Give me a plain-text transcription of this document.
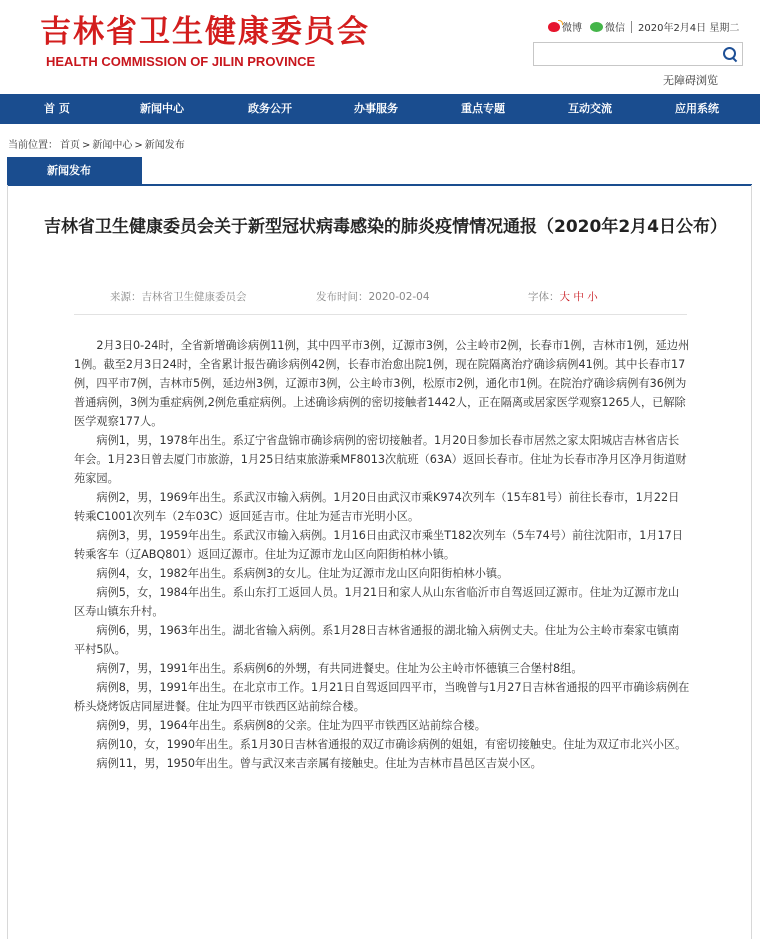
吉林省卫生健康委员会
HEALTH COMMISSION OF JILIN PROVINCE
微博 微信 2020年2月4日 星期二
无障碍浏览
首 页	新闻中心	政务公开	办事服务	重点专题	互动交流	应用系统
当前位置： 首页 > 新闻中心 > 新闻发布
新闻发布
吉林省卫生健康委员会关于新型冠状病毒感染的肺炎疫情情况通报（2020年2月4日公布）
来源：吉林省卫生健康委员会	发布时间：2020-02-04	字体：大 中 小

2月3日0-24时，全省新增确诊病例11例，其中四平市3例，辽源市3例，公主岭市2例，长春市1例，吉林市1例，延边州1例。截至2月3日24时，全省累计报告确诊病例42例，长春市治愈出院1例，现在院隔离治疗确诊病例41例。其中长春市17例，四平市7例，吉林市5例，延边州3例，辽源市3例，公主岭市3例，松原市2例，通化市1例。在院治疗确诊病例有36例为普通病例，3例为重症病例,2例危重症病例。上述确诊病例的密切接触者1442人，正在隔离或居家医学观察1265人，已解除医学观察177人。

病例1，男，1978年出生。系辽宁省盘锦市确诊病例的密切接触者。1月20日参加长春市居然之家太阳城店吉林省店长年会。1月23日曾去厦门市旅游，1月25日结束旅游乘MF8013次航班（63A）返回长春市。住址为长春市净月区净月街道财苑家园。

病例2，男，1969年出生。系武汉市输入病例。1月20日由武汉市乘K974次列车（15车81号）前往长春市，1月22日转乘C1001次列车（2车03C）返回延吉市。住址为延吉市光明小区。

病例3，男，1959年出生。系武汉市输入病例。1月16日由武汉市乘坐T182次列车（5车74号）前往沈阳市，1月17日转乘客车（辽ABQ801）返回辽源市。住址为辽源市龙山区向阳街柏林小镇。

病例4，女，1982年出生。系病例3的女儿。住址为辽源市龙山区向阳街柏林小镇。

病例5，女，1984年出生。系山东打工返回人员。1月21日和家人从山东省临沂市自驾返回辽源市。住址为辽源市龙山区寿山镇东升村。

病例6，男，1963年出生。湖北省输入病例。系1月28日吉林省通报的湖北输入病例丈夫。住址为公主岭市秦家屯镇南平村5队。

病例7，男，1991年出生。系病例6的外甥，有共同进餐史。住址为公主岭市怀德镇三合堡村8组。

病例8，男，1991年出生。在北京市工作。1月21日自驾返回四平市，当晚曾与1月27日吉林省通报的四平市确诊病例在桥头烧烤饭店同屋进餐。住址为四平市铁西区站前综合楼。

病例9，男，1964年出生。系病例8的父亲。住址为四平市铁西区站前综合楼。

病例10，女，1990年出生。系1月30日吉林省通报的双辽市确诊病例的姐姐，有密切接触史。住址为双辽市北兴小区。

病例11，男，1950年出生。曾与武汉来吉亲属有接触史。住址为吉林市昌邑区吉炭小区。
